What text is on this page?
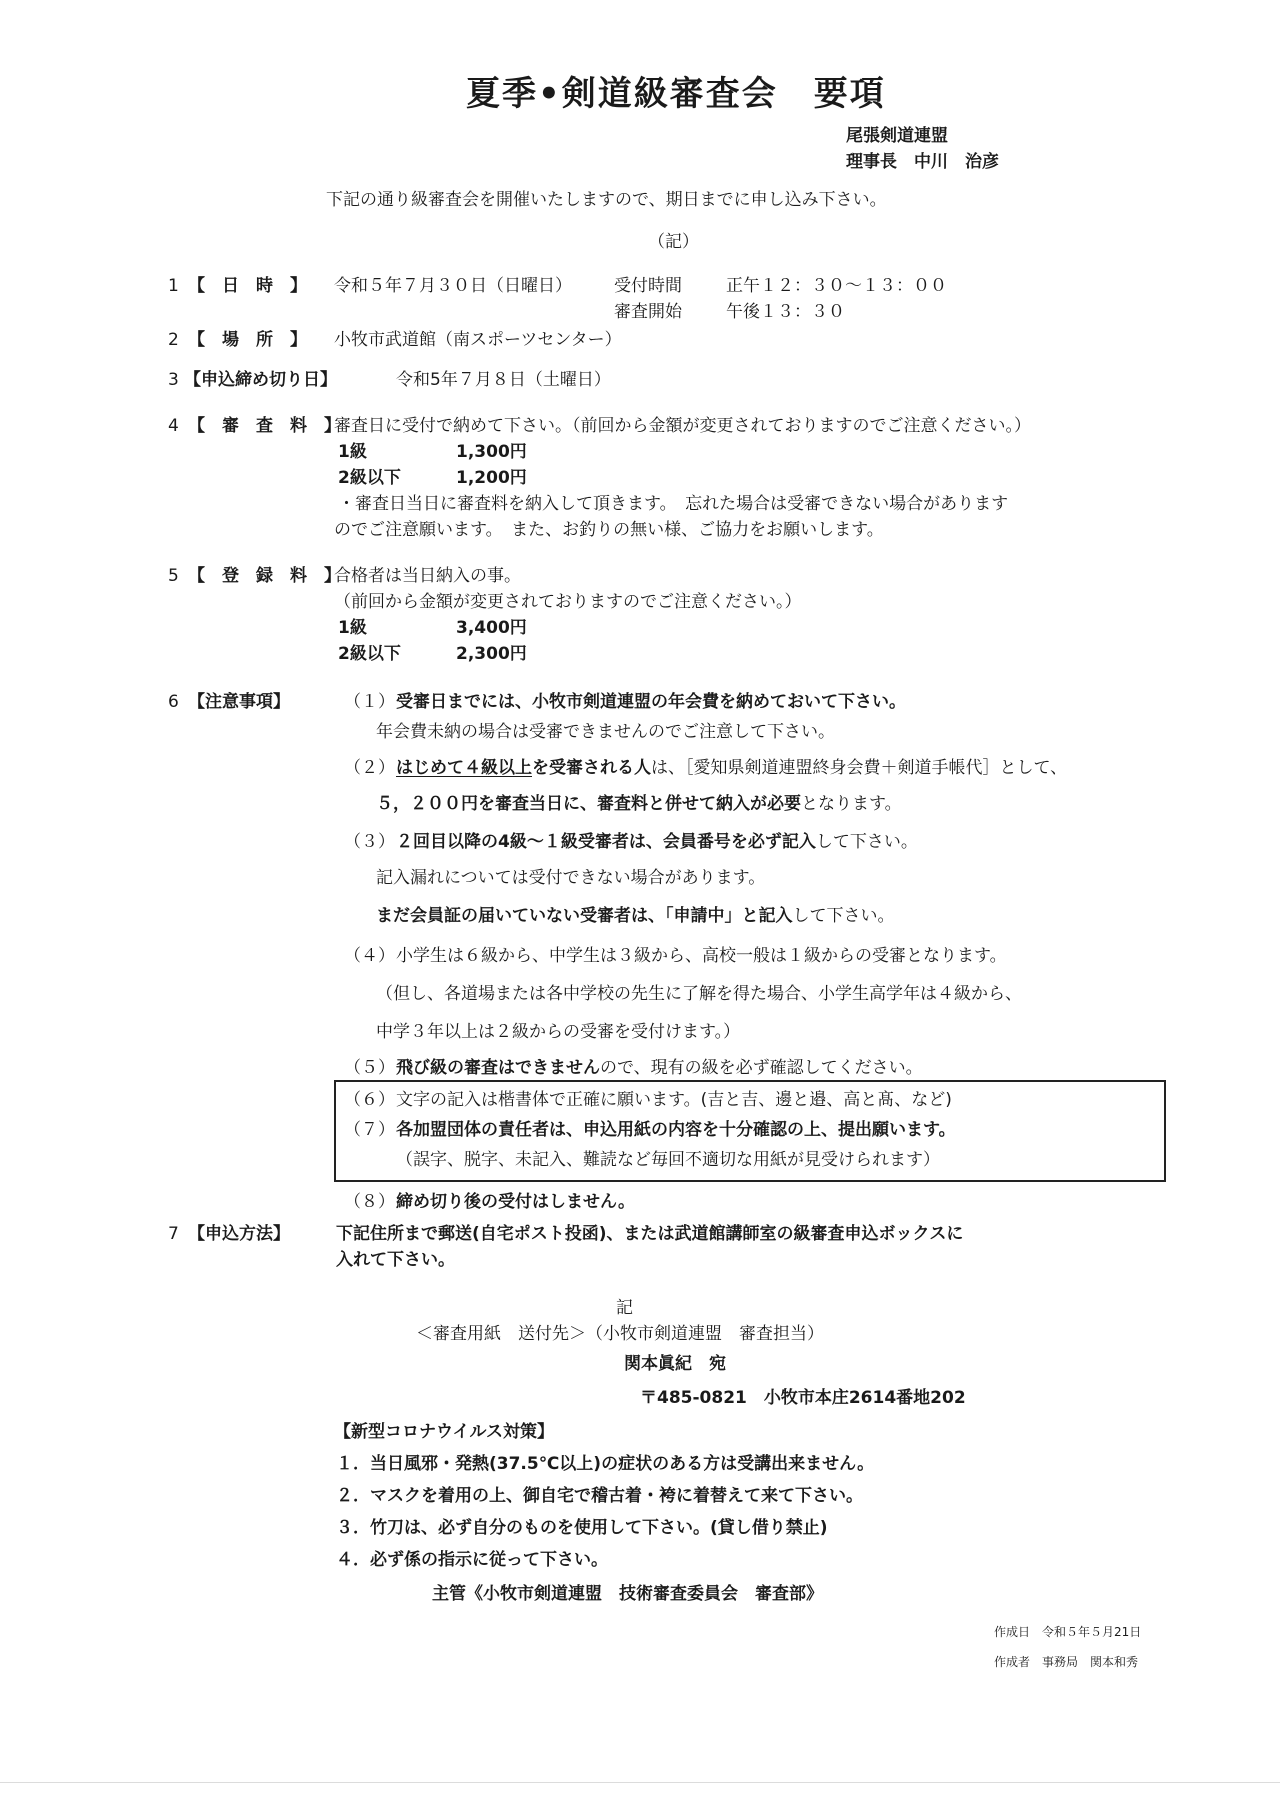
夏季•剣道級審査会　要項
尾張剣道連盟
理事長　中川　治彦
下記の通り級審査会を開催いたしますので、期日までに申し込み下さい。
（記）
1 【　日　時　】 令和５年７月３０日（日曜日） 受付時間	正午１２：３０～１３：００
審査開始	午後１３：３０
2 【　場　所　】 小牧市武道館（南スポーツセンター）
3 【申込締め切り日】	令和5年７月８日（土曜日）
4 【　審　査　料　】
審査日に受付で納めて下さい。（前回から金額が変更されておりますのでご注意ください。）
1級	1,300円
2級以下	1,200円
・審査日当日に審査料を納入して頂きます。　忘れた場合は受審できない場合があります
のでご注意願います。　また、お釣りの無い様、ご協力をお願いします。
5 【　登　録　料　】
合格者は当日納入の事。
（前回から金額が変更されておりますのでご注意ください。）
1級	3,400円
2級以下	2,300円
6 【注意事項】	（１） 受審日までには、小牧市剣道連盟の年会費を納めておいて下さい。
年会費未納の場合は受審できませんのでご注意して下さい。
（２） はじめて４級以上を受審される人は、［愛知県剣道連盟終身会費＋剣道手帳代］として、
５，２００円を審査当日に、審査料と併せて納入が必要となります。
（３） ２回目以降の4級～１級受審者は、会員番号を必ず記入して下さい。
記入漏れについては受付できない場合があります。
まだ会員証の届いていない受審者は、「申請中」と記入して下さい。
（４） 小学生は６級から、中学生は３級から、高校一般は１級からの受審となります。
（但し、各道場または各中学校の先生に了解を得た場合、小学生高学年は４級から、
中学３年以上は２級からの受審を受付けます。）
（５） 飛び級の審査はできませんので、現有の級を必ず確認してください。
（６） 文字の記入は楷書体で正確に願います。(吉と吉、邊と邉、高と髙、など)
（７） 各加盟団体の責任者は、申込用紙の内容を十分確認の上、提出願います。
（誤字、脱字、未記入、難読など毎回不適切な用紙が見受けられます）
（８） 締め切り後の受付はしません。
7 【申込方法】	下記住所まで郵送(自宅ポスト投函)、または武道館講師室の級審査申込ボックスに
入れて下さい。
記
＜審査用紙　送付先＞（小牧市剣道連盟　審査担当）
関本眞紀　宛
〒485-0821　小牧市本庄2614番地202
【新型コロナウイルス対策】
１．当日風邪・発熱(37.5℃以上)の症状のある方は受講出来ません。
２．マスクを着用の上、御自宅で稽古着・袴に着替えて来て下さい。
３．竹刀は、必ず自分のものを使用して下さい。(貸し借り禁止)
４．必ず係の指示に従って下さい。
主管《小牧市剣道連盟　技術審査委員会　審査部》
作成日　令和５年５月21日
作成者　事務局　関本和秀
